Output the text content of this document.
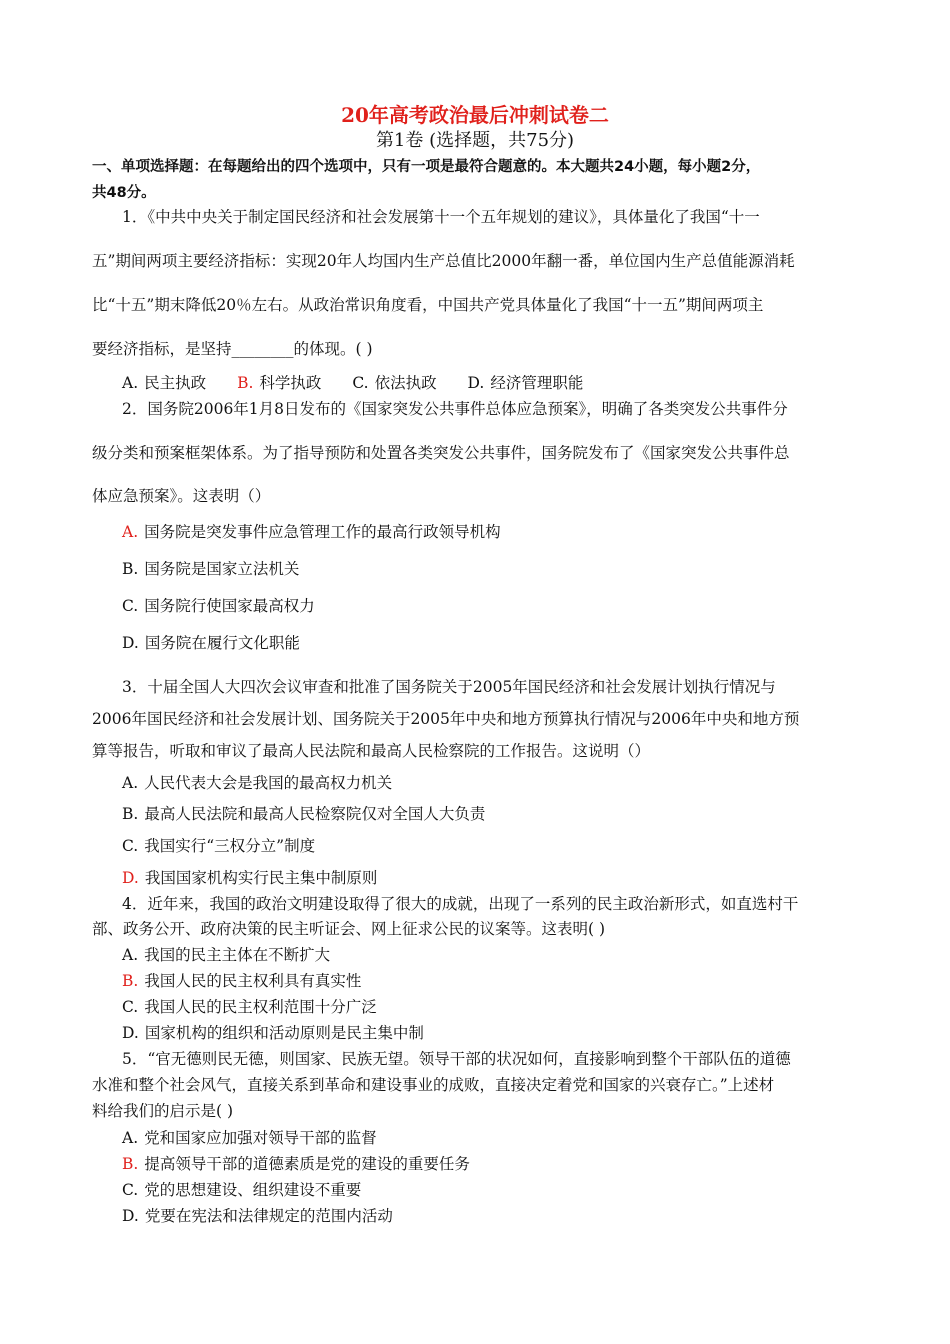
20年高考政治最后冲刺试卷二
第1卷 (选择题，共75分)
一、单项选择题：在每题给出的四个选项中，只有一项是最符合题意的。本大题共24小题，每小题2分，
共48分。
1．《中共中央关于制定国民经济和社会发展第十一个五年规划的建议》，具体量化了我国“十一
五”期间两项主要经济指标：实现20年人均国内生产总值比2000年翻一番，单位国内生产总值能源消耗
比“十五”期末降低20％左右。从政治常识角度看，中国共产党具体量化了我国“十一五”期间两项主
要经济指标，是坚持________的体现。( )
A. 民主执政 B. 科学执政 C. 依法执政 D. 经济管理职能
2．国务院2006年1月8日发布的《国家突发公共事件总体应急预案》，明确了各类突发公共事件分
级分类和预案框架体系。为了指导预防和处置各类突发公共事件，国务院发布了《国家突发公共事件总
体应急预案》。这表明（）
A. 国务院是突发事件应急管理工作的最高行政领导机构
B. 国务院是国家立法机关
C. 国务院行使国家最高权力
D. 国务院在履行文化职能
3．十届全国人大四次会议审查和批准了国务院关于2005年国民经济和社会发展计划执行情况与
2006年国民经济和社会发展计划、国务院关于2005年中央和地方预算执行情况与2006年中央和地方预
算等报告，听取和审议了最高人民法院和最高人民检察院的工作报告。这说明（）
A. 人民代表大会是我国的最高权力机关
B. 最高人民法院和最高人民检察院仅对全国人大负责
C. 我国实行“三权分立”制度
D. 我国国家机构实行民主集中制原则
4．近年来，我国的政治文明建设取得了很大的成就，出现了一系列的民主政治新形式，如直选村干
部、政务公开、政府决策的民主听证会、网上征求公民的议案等。这表明( )
A. 我国的民主主体在不断扩大
B. 我国人民的民主权利具有真实性
C. 我国人民的民主权利范围十分广泛
D. 国家机构的组织和活动原则是民主集中制
5．“官无德则民无德，则国家、民族无望。领导干部的状况如何，直接影响到整个干部队伍的道德
水准和整个社会风气，直接关系到革命和建设事业的成败，直接决定着党和国家的兴衰存亡。”上述材
料给我们的启示是( )
A. 党和国家应加强对领导干部的监督
B. 提高领导干部的道德素质是党的建设的重要任务
C. 党的思想建设、组织建设不重要
D. 党要在宪法和法律规定的范围内活动
